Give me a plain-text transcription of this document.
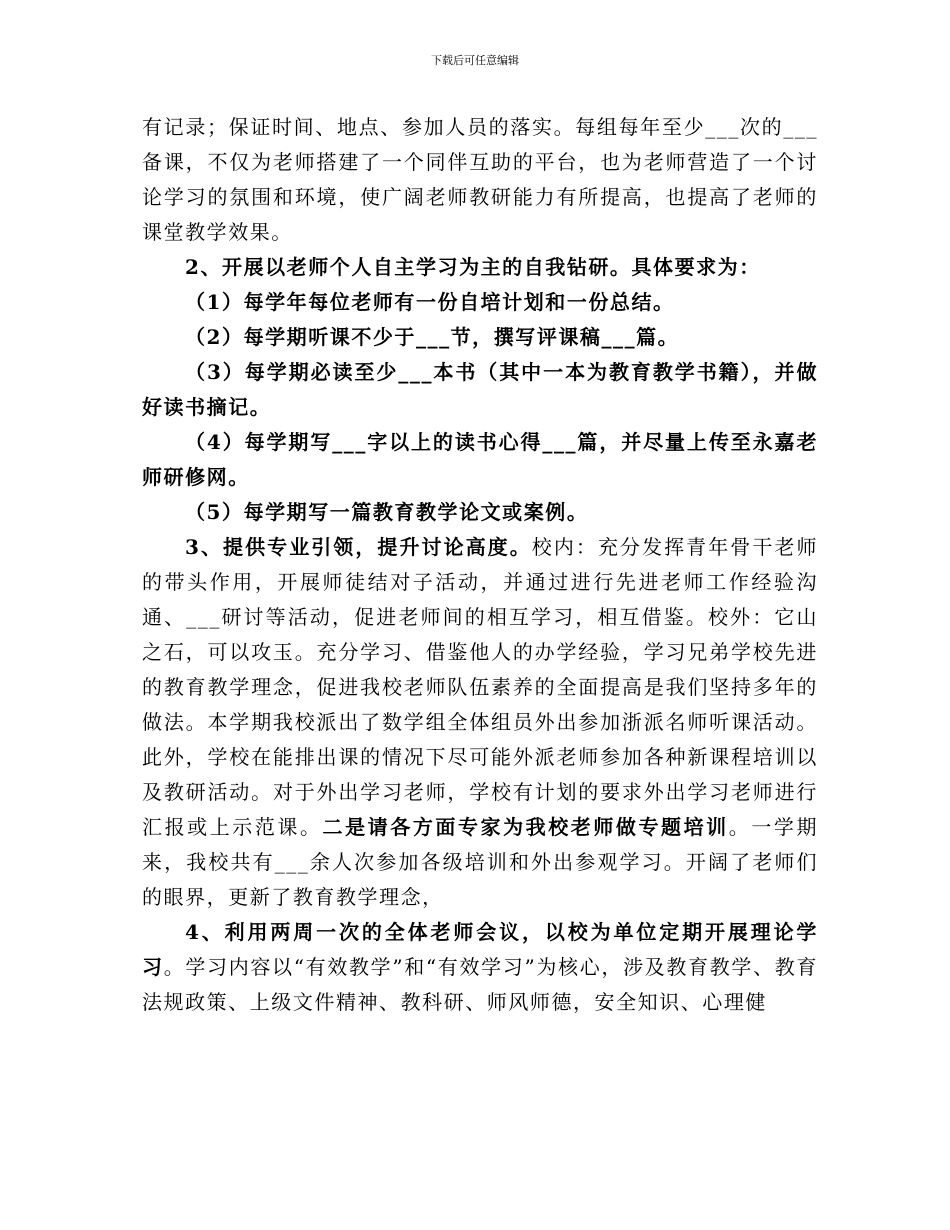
下载后可任意编辑

有记录；保证时间、地点、参加人员的落实。每组每年至少___次的___备课，不仅为老师搭建了一个同伴互助的平台，也为老师营造了一个讨论学习的氛围和环境，使广阔老师教研能力有所提高，也提高了老师的课堂教学效果。

2、开展以老师个人自主学习为主的自我钻研。具体要求为：

（1）每学年每位老师有一份自培计划和一份总结。

（2）每学期听课不少于___节，撰写评课稿___篇。

（3）每学期必读至少___本书（其中一本为教育教学书籍），并做好读书摘记。

（4）每学期写___字以上的读书心得___篇，并尽量上传至永嘉老师研修网。

（5）每学期写一篇教育教学论文或案例。

3、提供专业引领，提升讨论高度。校内：充分发挥青年骨干老师的带头作用，开展师徒结对子活动，并通过进行先进老师工作经验沟通、___研讨等活动，促进老师间的相互学习，相互借鉴。校外：它山之石，可以攻玉。充分学习、借鉴他人的办学经验，学习兄弟学校先进的教育教学理念，促进我校老师队伍素养的全面提高是我们坚持多年的做法。本学期我校派出了数学组全体组员外出参加浙派名师听课活动。此外，学校在能排出课的情况下尽可能外派老师参加各种新课程培训以及教研活动。对于外出学习老师，学校有计划的要求外出学习老师进行汇报或上示范课。二是请各方面专家为我校老师做专题培训。一学期来，我校共有___余人次参加各级培训和外出参观学习。开阔了老师们的眼界，更新了教育教学理念，

4、利用两周一次的全体老师会议，以校为单位定期开展理论学习。学习内容以“有效教学”和“有效学习”为核心，涉及教育教学、教育法规政策、上级文件精神、教科研、师风师德，安全知识、心理健
